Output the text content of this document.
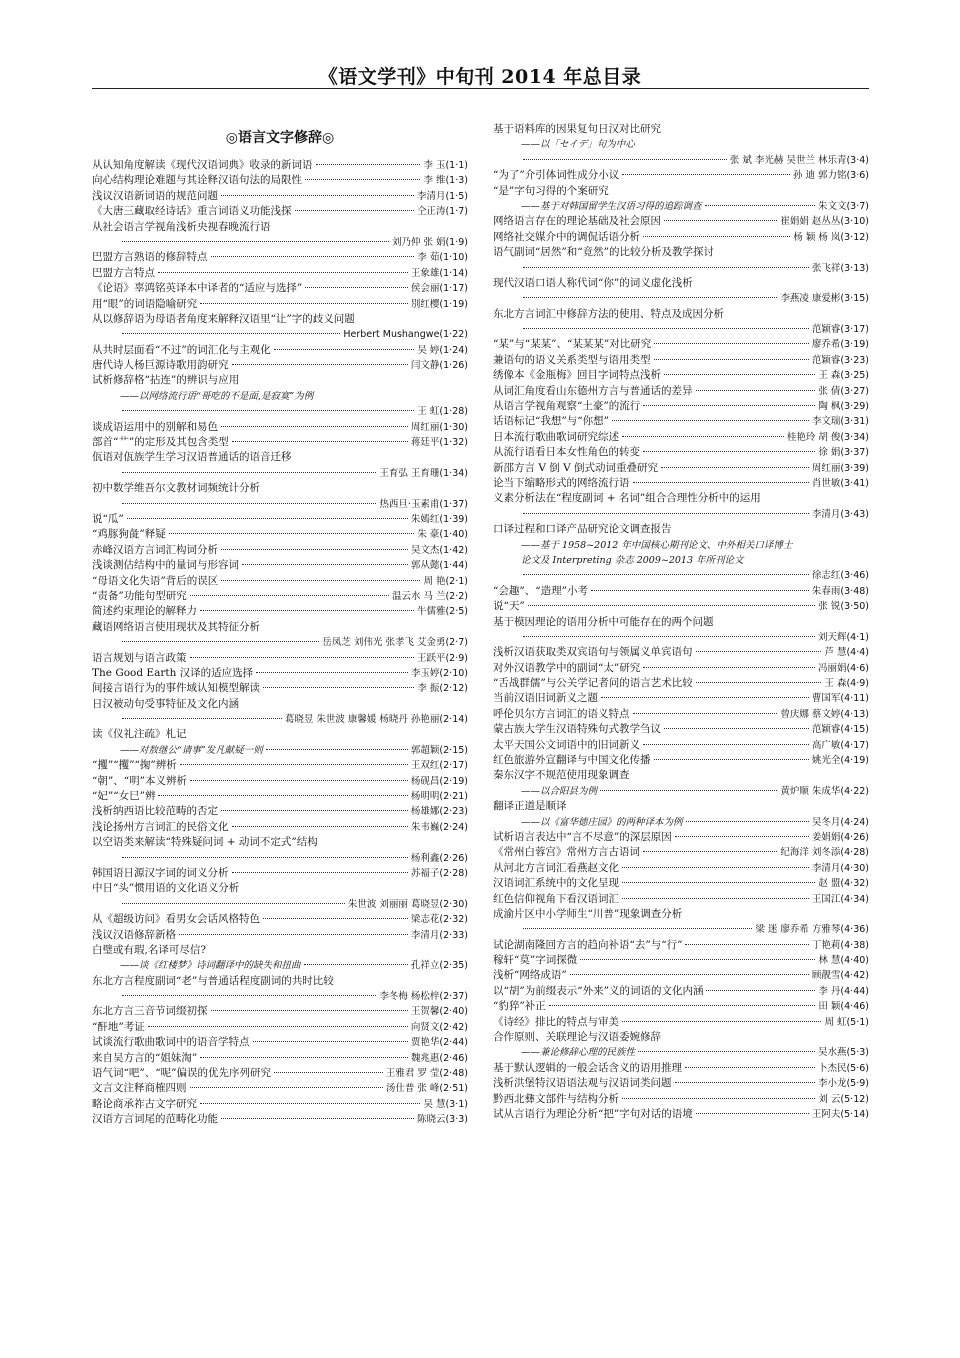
《语文学刊》中旬刊 2014 年总目录
◎语言文字修辞◎
从认知角度解读《现代汉语词典》收录的新词语	李 玉(1·1)
向心结构理论难题与其诠释汉语句法的局限性	李 维(1·3)
浅议汉语新词语的规范问题	李清月(1·5)
《大唐三藏取经诗话》重言词语义功能浅探	仝正涛(1·7)
从社会语言学视角浅析央视春晚流行语
刘乃仲 张 娟(1·9)
巴盟方言熟语的修辞特点	李 茹(1·10)
巴盟方言特点	王象雄(1·14)
《论语》辜鸿铭英译本中译者的“适应与选择”	侯会丽(1·17)
用“眼”的词语隐喻研究	別红樱(1·19)
从以修辞语为母语者角度来解释汉语里“让”字的歧义问题
Herbert Mushangwe(1·22)
从共时层面看“不过”的词汇化与主观化	吴 婷(1·24)
唐代诗人杨巨源诗歌用韵研究	闫文静(1·26)
试析修辞格“拈连”的辨识与应用
——以网络流行语“哥吃的不是面,是寂寞”为例
王 虹(1·28)
谈成语运用中的别解和易色	周红丽(1·30)
部首“艹”的定形及其包含类型	蒋廷平(1·32)
佤语对佤族学生学习汉语普通话的语音迁移
王育弘 王育珊(1·34)
初中数学维吾尔文教材词频统计分析
热西旦·玉素甫(1·37)
说“瓜”	朱嫣红(1·39)
“鸡豚狗彘”释疑	朱 豪(1·40)
赤峰汉语方言词汇构词分析	吴文杰(1·42)
浅谈测估结构中的量词与形容词	郭从懿(1·44)
“母语文化失语”背后的误区	周 艳(2·1)
“责备”功能句型研究	温云水 马 兰(2·2)
简述约束理论的解释力	牛儒雅(2·5)
藏语网络语言使用现状及其特征分析
岳凤芝 刘伟光 张孝飞 艾金勇(2·7)
语言规划与语言政策	王跃平(2·9)
The Good Earth 汉译的适应选择	李玉婷(2·10)
间接言语行为的事件域认知模型解读	李 振(2·12)
日汉被动句受事特征及文化内涵
葛晓昱 朱世波 康馨媛 杨晓丹 孙艳丽(2·14)
读《仪礼注疏》札记
——对敖继公“请事”发凡献疑一则	郭超颖(2·15)
“攫”“攫”“掬”辨析	王双红(2·17)
“朝”、“明”本义辨析	杨砚昌(2·19)
“妃”“女巳”辨	杨明明(2·21)
浅析纳西语比较范畴的否定	杨雄娜(2·23)
浅论扬州方言词汇的民俗文化	朱韦巍(2·24)
以空语类来解读“特殊疑问词 + 动词不定式”结构
杨利鑫(2·26)
韩国语日源汉字词的词义分析	苏福子(2·28)
中日“头”惯用语的文化语义分析
朱世波 刘丽丽 葛晓昱(2·30)
从《超级访问》看男女会话风格特色	梁志花(2·32)
浅议汉语修辞新格	李清月(2·33)
白璧或有瑕,名译可尽信?
——谈《红楼梦》诗词翻译中的缺失和扭曲	孔祥立(2·35)
东北方言程度副词“老”与普通话程度副词的共时比较
李冬梅 杨松梓(2·37)
东北方言三音节词缀初探	王贺馨(2·40)
“酐地”考证	向贤文(2·42)
试谈流行歌曲歌词中的语音学特点	贾艳华(2·44)
来自吴方言的“姐妹淘”	魏兆惠(2·46)
语气词“吧”、“呢”偏误的优先序列研究	王雅君 罗 莹(2·48)
文言文注释商榷四则	汤仕普 张 峰(2·51)
略论商承祚古文字研究	吴 慧(3·1)
汉语方言词尾的范畴化功能	陈晓云(3·3)
基于语料库的因果复句日汉对比研究
——以「セイデ」句为中心
张 斌 李光赫 吴世兰 林乐青(3·4)
“为了”介引体词性成分小议	孙 迪 郭力铭(3·6)
“是”字句习得的个案研究
——基于对韩国留学生汉语习得的追踪调查	朱文文(3·7)
网络语言存在的理论基础及社会原因	崔娟娟 赵丛丛(3·10)
网络社交媒介中的调侃话语分析	杨 颖 杨 岚(3·12)
语气副词“居然”和“竟然”的比较分析及教学探讨
张飞祥(3·13)
现代汉语口语人称代词“你”的词义虚化浅析
李燕凌 康爱彬(3·15)
东北方言词汇中修辞方法的使用、特点及成因分析
范颖睿(3·17)
“某”与“某某”、“某某某”对比研究	廖乔希(3·19)
兼语句的语义关系类型与语用类型	范颖睿(3·23)
绣像本《金瓶梅》回目字词特点浅析	王 森(3·25)
从词汇角度看山东德州方言与普通话的差异	张 倩(3·27)
从语言学视角观察“土豪”的流行	陶 枫(3·29)
话语标记“我想”与“你想”	李文瑞(3·31)
日本流行歌曲歌词研究综述	桂艳玲 胡 俊(3·34)
从流行语看日本女性角色的转变	徐 娟(3·37)
新邵方言 V 倒 V 倒式动词重叠研究	周红丽(3·39)
论当下缩略形式的网络流行语	肖世敏(3·41)
义素分析法在“程度副词 + 名词”组合合理性分析中的运用
李清月(3·43)
口译过程和口译产品研究论文调查报告
——基于 1958~2012 年中国核心期刊论文、中外相关口译博士
论文及 Interpreting 杂志 2009~2013 年所刊论文
徐志红(3·46)
“会趣”、“造理”小考	朱春雨(3·48)
说“天”	张 锐(3·50)
基于模因理论的语用分析中可能存在的两个问题
刘天辉(4·1)
浅析汉语获取类双宾语句与领属义单宾语句	芦 慧(4·4)
对外汉语教学中的副词“太”研究	冯丽娟(4·6)
“舌战群儒”与公关学记者问的语言艺术比较	王 森(4·9)
当前汉语旧词新义之题	曹国军(4·11)
呼伦贝尔方言词汇的语义特点	曾庆娜 蔡文婷(4·13)
蒙古族大学生汉语特殊句式教学刍议	范颖睿(4·15)
太平天国公文词语中的旧词新义	高广敏(4·17)
红色旅游外宣翻译与中国文化传播	姚光全(4·19)
秦东汉字不规范使用现象调查
——以合阳县为例	黄炉顺 朱成华(4·22)
翻译正道是顺译
——以《富华德庄园》的两种译本为例	吴冬月(4·24)
试析语言表达中“言不尽意”的深层原因	姜娟娟(4·26)
《常州白蓉宫》常州方言古语词	纪海洋 刘冬添(4·28)
从河北方言词汇看燕赵文化	李清月(4·30)
汉语词汇系统中的文化呈现	赵 盟(4·32)
红色信仰视角下看汉语词汇	王国江(4·34)
成渝片区中小学师生“川普”现象调查分析
梁 迷 廖乔希 方雅琴(4·36)
试论湖南隆回方言的趋向补语“去”与“行”	丁艳莉(4·38)
稼轩“莫”字词探微	林 慧(4·40)
浅析“网络成语”	顾靓雪(4·42)
以“胡”为前缀表示“外来”义的词语的文化内涵	李 丹(4·44)
“豹猝”补正	田 颖(4·46)
《诗经》排比的特点与审美	周 虹(5·1)
合作原则、关联理论与汉语委婉修辞
——兼论修辞心理的民族性	吴水燕(5·3)
基于默认逻辑的一般会话含义的语用推理	卜杰民(5·6)
浅析洪堡特汉语语法观与汉语词类问题	李小龙(5·9)
黔西北彝文部件与结构分析	刘 云(5·12)
试从言语行为理论分析“把”字句对话的语境	王阿夫(5·14)
